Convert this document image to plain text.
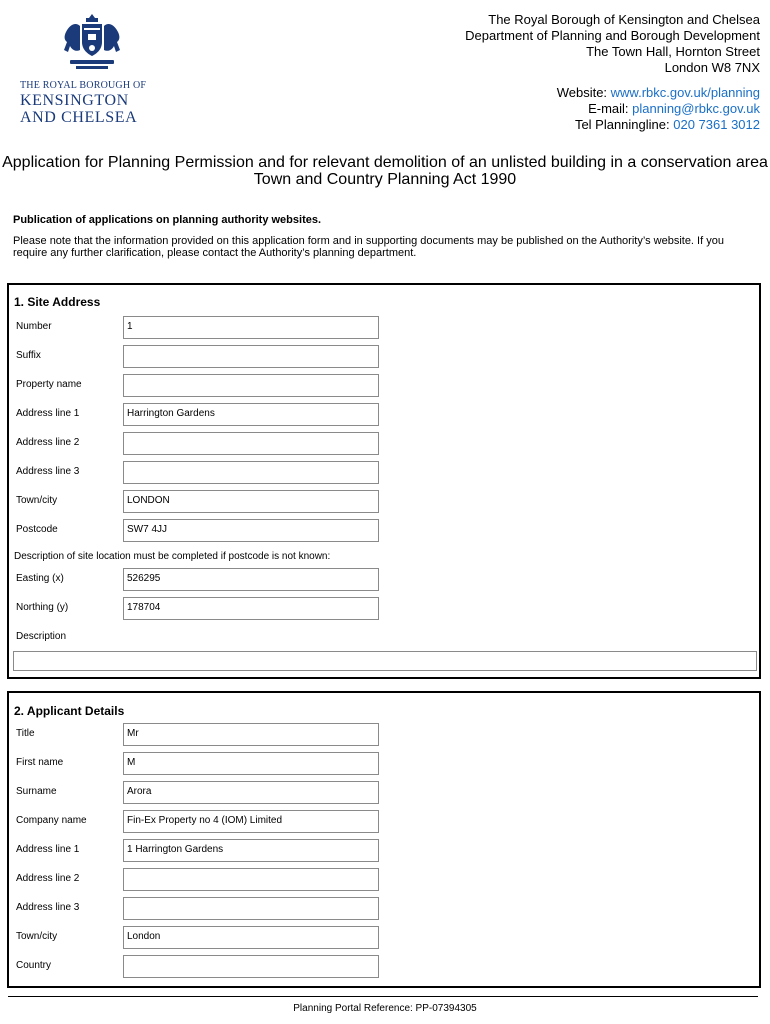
THE ROYAL BOROUGH OF
KENSINGTON
AND CHELSEA
The Royal Borough of Kensington and Chelsea
Department of Planning and Borough Development
The Town Hall, Hornton Street
London W8 7NX
Website: www.rbkc.gov.uk/planning
E-mail: planning@rbkc.gov.uk
Tel Planningline: 020 7361 3012
Application for Planning Permission and for relevant demolition of an unlisted building in a conservation area
Town and Country Planning Act 1990
Publication of applications on planning authority websites.
Please note that the information provided on this application form and in supporting documents may be published on the Authority’s website. If you require any further clarification, please contact the Authority’s planning department.
1. Site Address
Number	1
Suffix
Property name
Address line 1	Harrington Gardens
Address line 2
Address line 3
Town/city	LONDON
Postcode	SW7 4JJ
Description of site location must be completed if postcode is not known:
Easting (x)	526295
Northing (y)	178704
Description
2. Applicant Details
Title	Mr
First name	M
Surname	Arora
Company name	Fin-Ex Property no 4 (IOM) Limited
Address line 1	1 Harrington Gardens
Address line 2
Address line 3
Town/city	London
Country
Planning Portal Reference: PP-07394305
